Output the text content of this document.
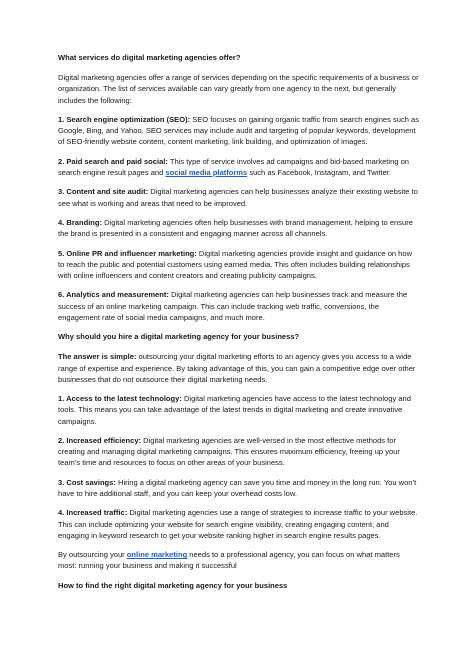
What services do digital marketing agencies offer?

Digital marketing agencies offer a range of services depending on the specific requirements of a business or organization. The list of services available can vary greatly from one agency to the next, but generally includes the following:

1. Search engine optimization (SEO): SEO focuses on gaining organic traffic from search engines such as Google, Bing, and Yahoo. SEO services may include audit and targeting of popular keywords, development of SEO-friendly website content, content marketing, link building, and optimization of images.

2. Paid search and paid social: This type of service involves ad campaigns and bid-based marketing on search engine result pages and social media platforms such as Facebook, Instagram, and Twitter.

3. Content and site audit: Digital marketing agencies can help businesses analyze their existing website to see what is working and areas that need to be improved.

4. Branding: Digital marketing agencies often help businesses with brand management, helping to ensure the brand is presented in a consistent and engaging manner across all channels.

5. Online PR and influencer marketing: Digital marketing agencies provide insight and guidance on how to reach the public and potential customers using earned media. This often includes building relationships with online influencers and content creators and creating publicity campaigns.

6. Analytics and measurement: Digital marketing agencies can help businesses track and measure the success of an online marketing campaign. This can include tracking web traffic, conversions, the engagement rate of social media campaigns, and much more.

Why should you hire a digital marketing agency for your business?

The answer is simple: outsourcing your digital marketing efforts to an agency gives you access to a wide range of expertise and experience. By taking advantage of this, you can gain a competitive edge over other businesses that do not outsource their digital marketing needs.

1. Access to the latest technology: Digital marketing agencies have access to the latest technology and tools. This means you can take advantage of the latest trends in digital marketing and create innovative campaigns.

2. Increased efficiency: Digital marketing agencies are well-versed in the most effective methods for creating and managing digital marketing campaigns. This ensures maximum efficiency, freeing up your team’s time and resources to focus on other areas of your business.

3. Cost savings: Hiring a digital marketing agency can save you time and money in the long run. You won’t have to hire additional staff, and you can keep your overhead costs low.

4. Increased traffic: Digital marketing agencies use a range of strategies to increase traffic to your website. This can include optimizing your website for search engine visibility, creating engaging content, and engaging in keyword research to get your website ranking higher in search engine results pages.

By outsourcing your online marketing needs to a professional agency, you can focus on what matters most: running your business and making it successful

How to find the right digital marketing agency for your business
